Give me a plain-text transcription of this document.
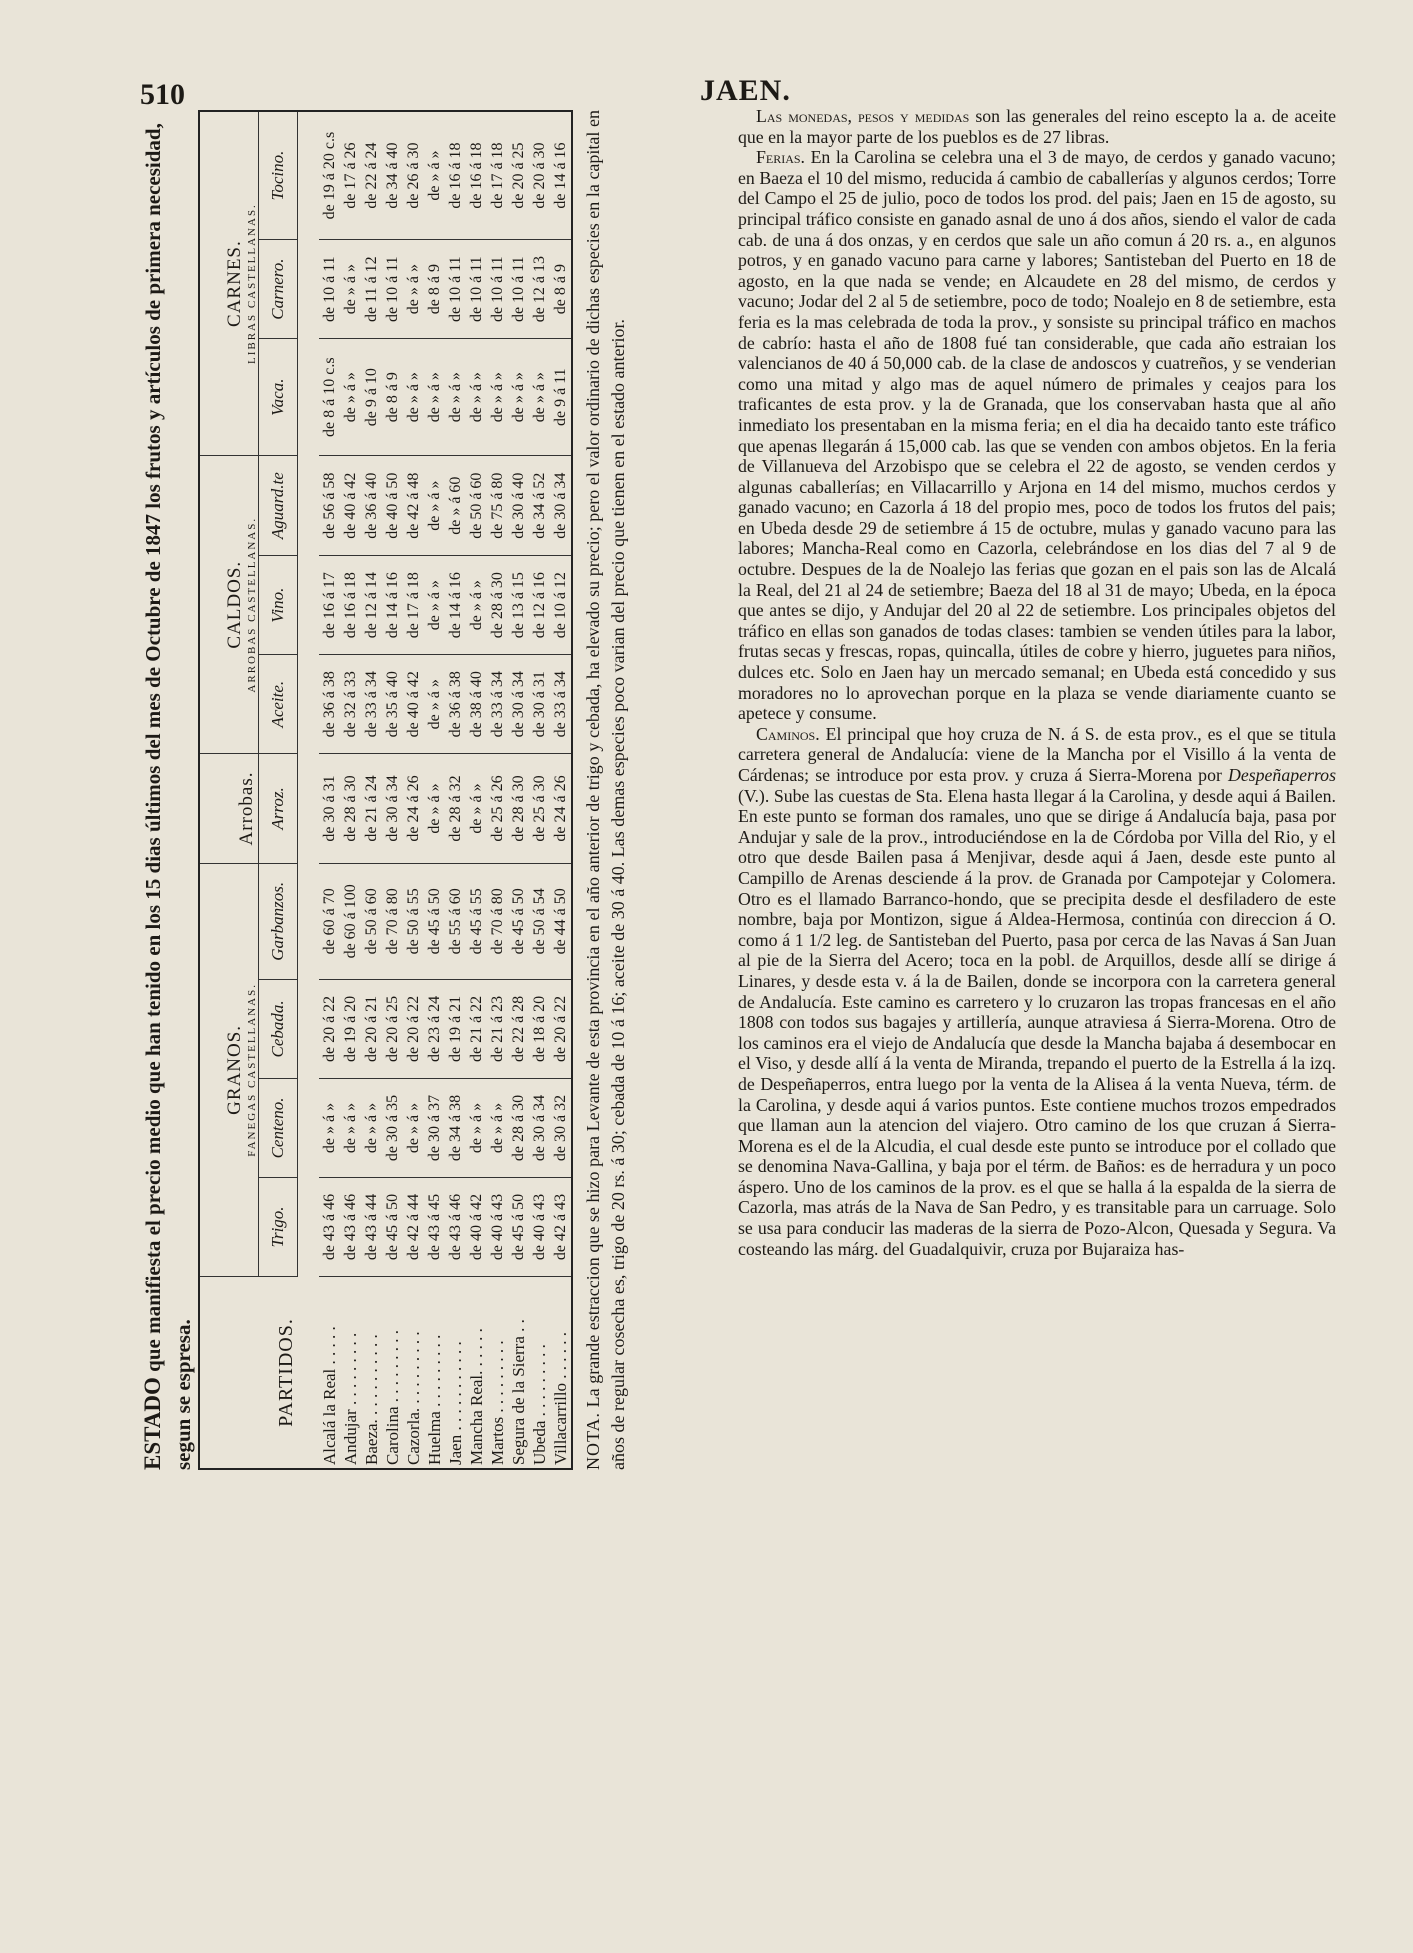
510	JAEN.
ESTADO que manifiesta el precio medio que han tenido en los 15 dias últimos del mes de Octubre de 1847 los frutos y artículos de primera necesidad, segun se espresa.	PARTIDOS.	GRANOS. FANEGAS CASTELLANAS.				Arrobas.	CALDOS. ARROBAS CASTELLANAS.			CARNES. LIBRAS CASTELLANAS.		

	Trigo.	Centeno.	Cebada.	Garbanzos.	Arroz.	Aceite.	Vino.	Aguard.te	Vaca.	Carnero.	Tocino.

Alcalá la Real . . . . .	de 43 á 46	de » á »	de 20 á 22	de 60 á 70	de 30 á 31	de 36 á 38	de 16 á 17	de 56 á 58	de 8 á 10 c.s	de 10 á 11	de 19 á 20 c.s
Andujar . . . . . . . . .	de 43 á 46	de » á »	de 19 á 20	de 60 á 100	de 28 á 30	de 32 á 33	de 16 á 18	de 40 á 42	de » á »	de » á »	de 17 á 26
Baeza. . . . . . . . . . .	de 43 á 44	de » á »	de 20 á 21	de 50 á 60	de 21 á 24	de 33 á 34	de 12 á 14	de 36 á 40	de 9 á 10	de 11 á 12	de 22 á 24
Carolina . . . . . . . . .	de 45 á 50	de 30 á 35	de 20 á 25	de 70 á 80	de 30 á 34	de 35 á 40	de 14 á 16	de 40 á 50	de 8 á 9	de 10 á 11	de 34 á 40
Cazorla. . . . . . . . . .	de 42 á 44	de » á »	de 20 á 22	de 50 á 55	de 24 á 26	de 40 á 42	de 17 á 18	de 42 á 48	de » á »	de » á »	de 26 á 30
Huelma . . . . . . . . .	de 43 á 45	de 30 á 37	de 23 á 24	de 45 á 50	de » á »	de » á »	de » á »	de » á »	de » á »	de 8 á 9	de » á »
Jaen . . . . . . . . . . .	de 43 á 46	de 34 á 38	de 19 á 21	de 55 á 60	de 28 á 32	de 36 á 38	de 14 á 16	de » á 60	de » á »	de 10 á 11	de 16 á 18
Mancha Real. . . . . .	de 40 á 42	de » á »	de 21 á 22	de 45 á 55	de » á »	de 38 á 40	de » á »	de 50 á 60	de » á »	de 10 á 11	de 16 á 18
Martos . . . . . . . . .	de 40 á 43	de » á »	de 21 á 23	de 70 á 80	de 25 á 26	de 33 á 34	de 28 á 30	de 75 á 80	de » á »	de 10 á 11	de 17 á 18
Segura de la Sierra . .	de 45 á 50	de 28 á 30	de 22 á 28	de 45 á 50	de 28 á 30	de 30 á 34	de 13 á 15	de 30 á 40	de » á »	de 10 á 11	de 20 á 25
Ubeda . . . . . . . . .	de 40 á 43	de 30 á 34	de 18 á 20	de 50 á 54	de 25 á 30	de 30 á 31	de 12 á 16	de 34 á 52	de » á »	de 12 á 13	de 20 á 30
Villacarrillo . . . . . .	de 42 á 43	de 30 á 32	de 20 á 22	de 44 á 50	de 24 á 26	de 33 á 34	de 10 á 12	de 30 á 34	de 9 á 11	de 8 á 9	de 14 á 16
NOTA. La grande estraccion que se hizo para Levante de esta provincia en el año anterior de trigo y cebada, ha elevado su precio; pero el valor ordinario de dichas especies en la capital en años de regular cosecha es, trigo de 20 rs. á 30; cebada de 10 á 16; aceite de 30 á 40. Las demas especies poco varian del precio que tienen en el estado anterior.

Las monedas, pesos y medidas son las generales del reino escepto la a. de aceite que en la mayor parte de los pueblos es de 27 libras.

Ferias. En la Carolina se celebra una el 3 de mayo, de cerdos y ganado vacuno; en Baeza el 10 del mismo, reducida á cambio de caballerías y algunos cerdos; Torre del Campo el 25 de julio, poco de todos los prod. del pais; Jaen en 15 de agosto, su principal tráfico consiste en ganado asnal de uno á dos años, siendo el valor de cada cab. de una á dos onzas, y en cerdos que sale un año comun á 20 rs. a., en algunos potros, y en ganado vacuno para carne y labores; Santisteban del Puerto en 18 de agosto, en la que nada se vende; en Alcaudete en 28 del mismo, de cerdos y vacuno; Jodar del 2 al 5 de setiembre, poco de todo; Noalejo en 8 de setiembre, esta feria es la mas celebrada de toda la prov., y sonsiste su principal tráfico en machos de cabrío: hasta el año de 1808 fué tan considerable, que cada año estraian los valencianos de 40 á 50,000 cab. de la clase de andoscos y cuatreños, y se venderian como una mitad y algo mas de aquel número de primales y ceajos para los traficantes de esta prov. y la de Granada, que los conservaban hasta que al año inmediato los presentaban en la misma feria; en el dia ha decaido tanto este tráfico que apenas llegarán á 15,000 cab. las que se venden con ambos objetos. En la feria de Villanueva del Arzobispo que se celebra el 22 de agosto, se venden cerdos y algunas caballerías; en Villacarrillo y Arjona en 14 del mismo, muchos cerdos y ganado vacuno; en Cazorla á 18 del propio mes, poco de todos los frutos del pais; en Ubeda desde 29 de setiembre á 15 de octubre, mulas y ganado vacuno para las labores; Mancha-Real como en Cazorla, celebrándose en los dias del 7 al 9 de octubre. Despues de la de Noalejo las ferias que gozan en el pais son las de Alcalá la Real, del 21 al 24 de setiembre; Baeza del 18 al 31 de mayo; Ubeda, en la época que antes se dijo, y Andujar del 20 al 22 de setiembre. Los principales objetos del tráfico en ellas son ganados de todas clases: tambien se venden útiles para la labor, frutas secas y frescas, ropas, quincalla, útiles de cobre y hierro, juguetes para niños, dulces etc. Solo en Jaen hay un mercado semanal; en Ubeda está concedido y sus moradores no lo aprovechan porque en la plaza se vende diariamente cuanto se apetece y consume.

Caminos. El principal que hoy cruza de N. á S. de esta prov., es el que se titula carretera general de Andalucía: viene de la Mancha por el Visillo á la venta de Cárdenas; se introduce por esta prov. y cruza á Sierra-Morena por Despeñaperros (V.). Sube las cuestas de Sta. Elena hasta llegar á la Carolina, y desde aqui á Bailen. En este punto se forman dos ramales, uno que se dirige á Andalucía baja, pasa por Andujar y sale de la prov., introduciéndose en la de Córdoba por Villa del Rio, y el otro que desde Bailen pasa á Menjivar, desde aqui á Jaen, desde este punto al Campillo de Arenas desciende á la prov. de Granada por Campotejar y Colomera. Otro es el llamado Barranco-hondo, que se precipita desde el desfiladero de este nombre, baja por Montizon, sigue á Aldea-Hermosa, continúa con direccion á O. como á 1 1/2 leg. de Santisteban del Puerto, pasa por cerca de las Navas á San Juan al pie de la Sierra del Acero; toca en la pobl. de Arquillos, desde allí se dirige á Linares, y desde esta v. á la de Bailen, donde se incorpora con la carretera general de Andalucía. Este camino es carretero y lo cruzaron las tropas francesas en el año 1808 con todos sus bagajes y artillería, aunque atraviesa á Sierra-Morena. Otro de los caminos era el viejo de Andalucía que desde la Mancha bajaba á desembocar en el Viso, y desde allí á la venta de Miranda, trepando el puerto de la Estrella á la izq. de Despeñaperros, entra luego por la venta de la Alisea á la venta Nueva, térm. de la Carolina, y desde aqui á varios puntos. Este contiene muchos trozos empedrados que llaman aun la atencion del viajero. Otro camino de los que cruzan á Sierra-Morena es el de la Alcudia, el cual desde este punto se introduce por el collado que se denomina Nava-Gallina, y baja por el térm. de Baños: es de herradura y un poco áspero. Uno de los caminos de la prov. es el que se halla á la espalda de la sierra de Cazorla, mas atrás de la Nava de San Pedro, y es transitable para un carruage. Solo se usa para conducir las maderas de la sierra de Pozo-Alcon, Quesada y Segura. Va costeando las márg. del Guadalquivir, cruza por Bujaraiza has-
